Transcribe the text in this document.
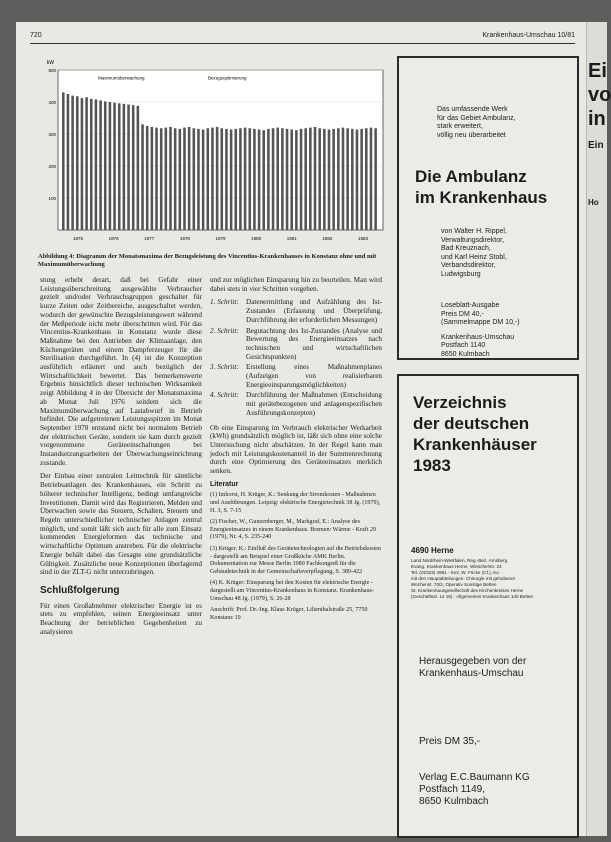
720	Krankenhaus-Umschau 10/81
kW
500
400
300
200
100
Maximumüberwachung	Bezugsoptimierung
1975	1976	1977	1978	1979	1980	1981	1982	1983
Abbildung 4: Diagramm der Monatsmaxima der Bezugsleistung des Vincentius-Krankenhauses in Konstanz ohne und mit Maximumüberwachung

stung erhebt derart, daß bei Gefahr einer Leistungsüberschreitung ausgewählte Verbraucher gezielt und/oder Verbrauchsgruppen geschaltet für kurze Zeiten oder Zeitbereiche, ausgeschaltet werden, wodurch der gewünschte Bezugsleistungswert während der Meßperiode nicht mehr überschritten wird. Für das Vincentius-Krankenhaus in Konstanz wurde diese Maßnahme bei den Antrieben der Klimaanlage, den Küchengeräten und einem Dampferzeuger für die Sterilisation durchgeführt. In (4) ist die Konzeption ausführlich erläutert und auch bezüglich der Wirtschaftlichkeit bewertet. Das bemerkenswerte Ergebnis hinsichtlich dieser technischen Wirksamkeit zeigt Abbildung 4 in der Übersicht der Monatsmaxima ab Monat Juli 1976 seitdem sich die Maximumüberwachung auf Lastabwurf in Betrieb befindet. Die aufgetretenen Leistungsspitzen im Monat September 1978 entstand nicht bei normalem Betrieb der elektrischen Geräte, sondern sie kam durch gezielt vorgenommene Geräteeinschaltungen bei Instandsetzungsarbeiten der Überwachungseinrichtung zustande.

Der Einbau einer zentralen Leittechnik für sämtliche Betriebsanlagen des Krankenhauses, ein Schritt zu höherer technischer Intelligenz, bedingt umfangreiche Investitionen. Damit wird das Registrieren, Melden und Überwachen sowie das Steuern, Schalten, Steuern und Regeln unterschiedlicher technischer Anlagen zentral möglich, und somit läßt sich auch für alle zum Einsatz kommenden Energieformen das technische und wirtschaftliche Optimum anstreben. Für die elektrische Energie behält dabei das Gesagte eine grundsätzliche Gültigkeit. Zusätzliche neue Konzeptionen überlagernd sind in der ZLT-G nicht unterzubringen.

Schlußfolgerung

Für einen Großabnehmer elektrischer Energie ist es stets zu empfehlen, seinen Energieeinsatz unter Beachtung der betrieblichen Gegebenheiten zu analysieren

und zur möglichen Einsparung hin zu beurteilen. Man wird dabei stets in vier Schritten vorgehen.

1. Schritt:	Datenermittlung und Aufzählung des Ist-Zustandes (Erfassung und Überprüfung, Durchführung der erforderlichen Messungen)
2. Schritt:	Begutachtung des Ist-Zustandes (Analyse und Bewertung des Energieeinsatzes nach technischen und wirtschaftlichen Gesichtspunkten)
3. Schritt:	Erstellung eines Maßnahmenplanes (Aufzeigen von realisierbaren Energieeinsparungsmöglichkeiten)
4. Schritt:	Durchführung der Maßnahmen (Entscheidung mit gerätebezogenen und anlagenspezifischen Ausführungskonzepten)

Ob eine Einsparung im Verbrauch elektrischer Werkarbeit (kWh) grundsätzlich möglich ist, läßt sich ohne eine solche Untersuchung nicht abschätzen. In der Regel kann man jedoch mit Leistungskostenanteil in der Summenrechnung durch eine Optimierung des Geräteeinsatzes merklich senken.

Literatur
(1) Imhorst, H. Krüger, K.: Senkung der Stromkosten - Maßnahmen und Ausführungen. Leipzig: elektrische Energietechnik 38 Jg. (1979), H. 3, S. 7-15
(2) Fischer, W., Gunzenberger, M., Markgraf, E.: Analyse des Energieeinsatzes in einem Krankenhaus. Bremen: Wärme - Kraft 29 (1979), Nr. 4, S. 235-240
(3) Krüger, K.: Einfluß des Gerätetechnologien auf die Betriebskosten - dargestellt am Beispiel einer Großküche AMK Berlin. Dokumentation zur Messe Berlin 1980 Fachkongreß für die Gebäudetechnik in der Gemeinschaftsverpflegung, S. 389-422
(4) K. Krüger: Einsparung bei den Kosten für elektrische Energie - dargestellt am Vincentius-Krankenhaus in Konstanz. Krankenhaus-Umschau 48 Jg. (1979), S. 26-28
Anschrift: Prof. Dr.-Ing. Klaus Krüger, Lilienthalstraße 25, 7750 Konstanz 19
Das umfassende Werk
für das Gebiet Ambulanz,
stark erweitert,
völlig neu überarbeitet
Die Ambulanz
im Krankenhaus
von Walter H. Rippel,
Verwaltungsdirektor,
Bad Kreuznach,
und Karl Heinz Stobl,
Verbandsdirektor,
Ludwigsburg
Loseblatt-Ausgabe
Preis DM 40,-
(Sammelmappe DM 10,-)
Krankenhaus-Umschau
Postfach 1140
8650 Kulmbach
Verzeichnis
der deutschen
Krankenhäuser
1983
4690 Herne
Land Nordrhein-Westfalen, Reg.-Bez. Arnsberg
Evang. Krankenhaus Herne, Wiescherstr. 24
Tel. (02323) 4981 - Kv2, W. Fricke (Cf.), Ko
mit den Hauptabteilungen: Chirurgie mit gehobener
Wochenst. 70/2, Operativ Sonstige Betten
St. Krankenhausgesellschaft des Kirchenkreises Herne
(Geschäftsst. 14 16) - Allgemeines Krankenhaus 140 Betten
Herausgegeben von der
Krankenhaus-Umschau
Preis DM 35,-
Verlag E.C.Baumann KG
Postfach 1149,
8650 Kulmbach
Ei
vo
in
Ein
Ho
